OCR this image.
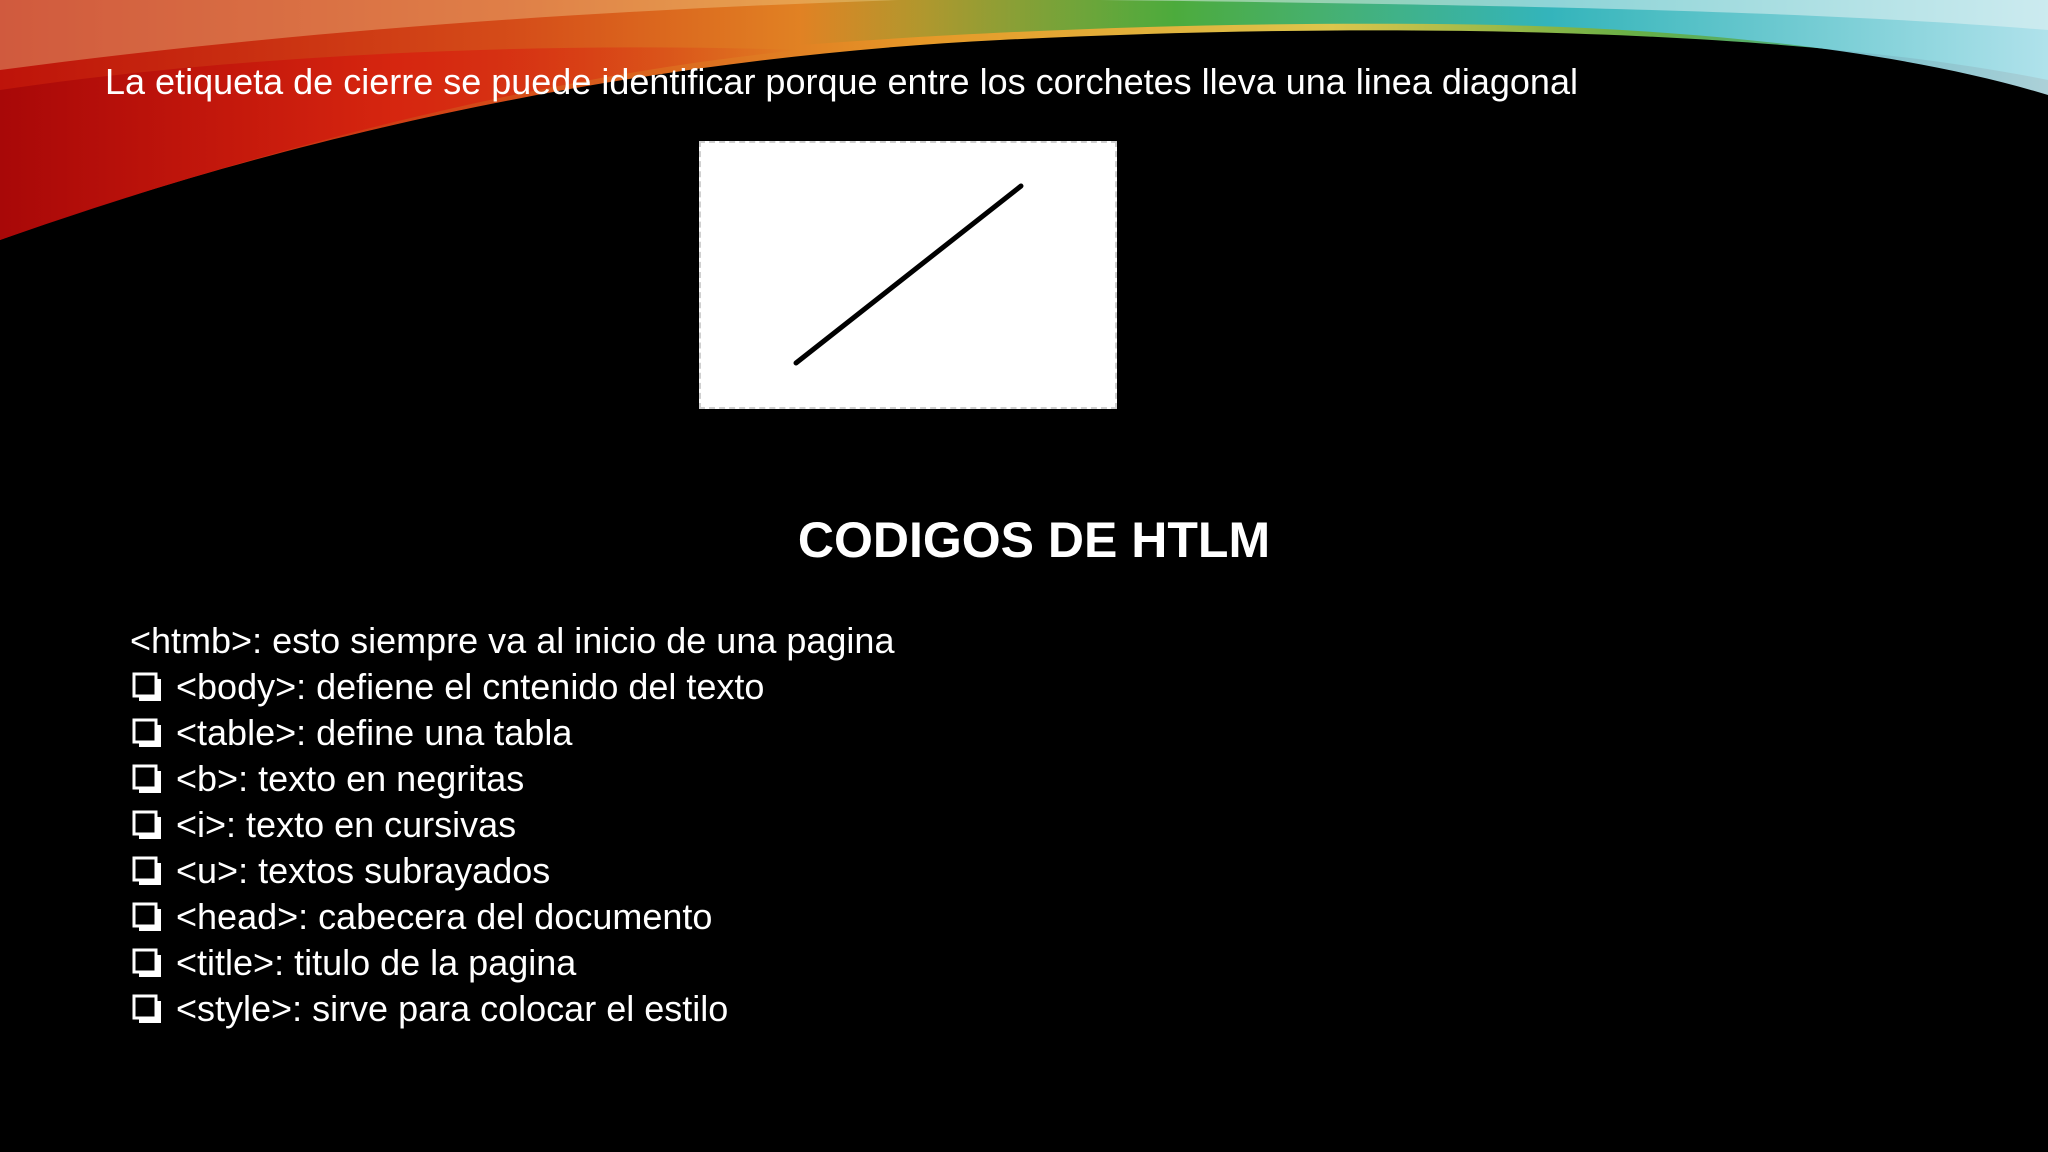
La etiqueta de cierre se puede identificar porque entre los corchetes lleva una linea diagonal
CODIGOS DE HTLM
<htmb>: esto siempre va al inicio de una pagina
<body>: defiene el cntenido del texto
<table>: define una tabla
<b>: texto en negritas
<i>: texto en cursivas
<u>: textos subrayados
<head>: cabecera del documento
<title>: titulo de la pagina
<style>: sirve para colocar el estilo
